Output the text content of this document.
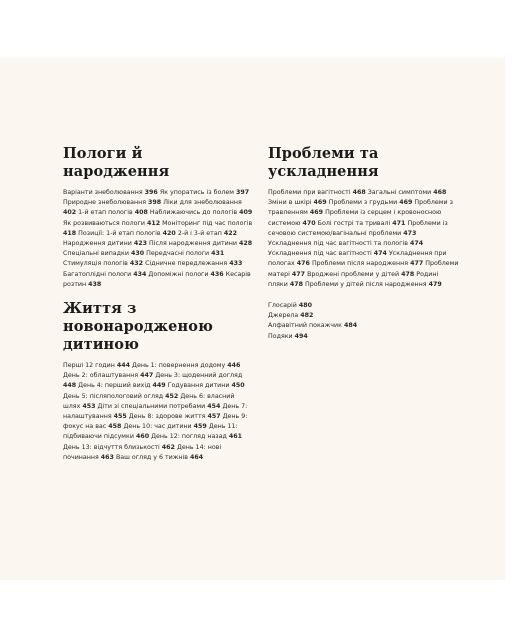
Пологи й народження

Варіанти знеболювання 396 Як упоратись із болем 397 Природне знеболювання 398 Ліки для знеболювання 402 1-й етап пологів 408 Наближаючись до пологів 409 Як розвиваються пологи 412 Моніторинг під час пологів 418 Позиції: 1-й етап пологів 420 2-й і 3-й етап 422 Народження дитини 423 Після народження дитини 428 Спеціальні випадки 430 Передчасні пологи 431 Стимуляція пологів 432 Сідничне передлежання 433 Багатоплідні пологи 434 Допоміжні пологи 436 Кесарів розтин 438

Життя з новонародженою дитиною

Перші 12 годин 444 День 1: повернення додому 446 День 2: облаштування 447 День 3: щоденний догляд 448 День 4: перший вихід 449 Годування дитини 450 День 5: післяпологовий огляд 452 День 6: власний шлях 453 Діти зі спеціальними потребами 454 День 7: налаштування 455 День 8: здорове життя 457 День 9: фокус на вас 458 День 10: час дитини 459 День 11: підбиваючи підсумки 460 День 12: погляд назад 461 День 13: відчуття близькості 462 День 14: нові починання 463 Ваш огляд у 6 тижнів 464

Проблеми та ускладнення

Проблеми при вагітності 468 Загальні симптоми 468 Зміни в шкірі 469 Проблеми з грудьми 469 Проблеми з травленням 469 Проблеми із серцем і кровоносною системою 470 Болі гострі та тривалі 471 Проблеми із сечовою системою/вагінальні проблеми 473 Ускладнення під час вагітності та пологів 474 Ускладнення під час вагітності 474 Ускладнення при пологах 476 Проблеми після народження 477 Проблеми матері 477 Вроджені проблеми у дітей 478 Родині пляки 478 Проблеми у дітей після народження 479

Глосарій 480
Джерела 482
Алфавітний покажчик 484
Подяки 494
